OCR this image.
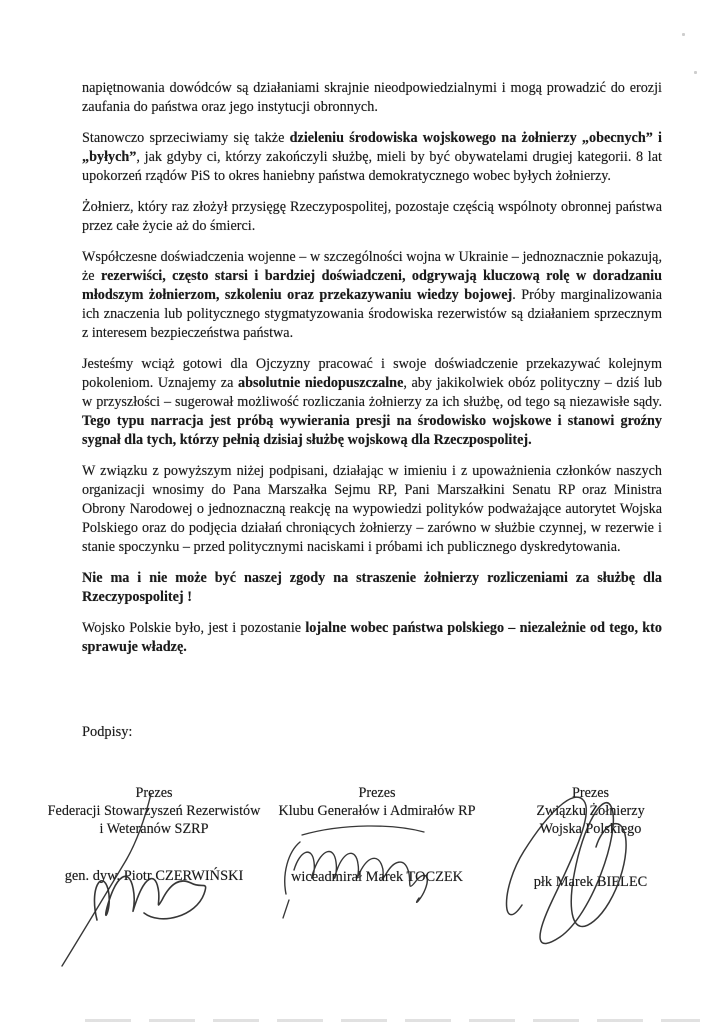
napiętnowania dowódców są działaniami skrajnie nieodpowiedzialnymi i mogą prowadzić do erozji zaufania do państwa oraz jego instytucji obronnych.

Stanowczo sprzeciwiamy się także dzieleniu środowiska wojskowego na żołnierzy „obecnych” i „byłych”, jak gdyby ci, którzy zakończyli służbę, mieli by być obywatelami drugiej kategorii. 8 lat upokorzeń rządów PiS to okres haniebny państwa demokratycznego wobec byłych żołnierzy.

Żołnierz, który raz złożył przysięgę Rzeczypospolitej, pozostaje częścią wspólnoty obronnej państwa przez całe życie aż do śmierci.

Współczesne doświadczenia wojenne – w szczególności wojna w Ukrainie – jednoznacznie pokazują, że rezerwiści, często starsi i bardziej doświadczeni, odgrywają kluczową rolę w doradzaniu młodszym żołnierzom, szkoleniu oraz przekazywaniu wiedzy bojowej. Próby marginalizowania ich znaczenia lub politycznego stygmatyzowania środowiska rezerwistów są działaniem sprzecznym z interesem bezpieczeństwa państwa.

Jesteśmy wciąż gotowi dla Ojczyzny pracować i swoje doświadczenie przekazywać kolejnym pokoleniom. Uznajemy za absolutnie niedopuszczalne, aby jakikolwiek obóz polityczny – dziś lub w przyszłości – sugerował możliwość rozliczania żołnierzy za ich służbę, od tego są niezawisłe sądy. Tego typu narracja jest próbą wywierania presji na środowisko wojskowe i stanowi groźny sygnał dla tych, którzy pełnią dzisiaj służbę wojskową dla Rzeczpospolitej.

W związku z powyższym niżej podpisani, działając w imieniu i z upoważnienia członków naszych organizacji wnosimy do Pana Marszałka Sejmu RP, Pani Marszałkini Senatu RP oraz Ministra Obrony Narodowej o jednoznaczną reakcję na wypowiedzi polityków podważające autorytet Wojska Polskiego oraz do podjęcia działań chroniących żołnierzy – zarówno w służbie czynnej, w rezerwie i stanie spoczynku – przed politycznymi naciskami i próbami ich publicznego dyskredytowania.

Nie ma i nie może być naszej zgody na straszenie żołnierzy rozliczeniami za służbę dla Rzeczypospolitej !

Wojsko Polskie było, jest i pozostanie lojalne wobec państwa polskiego – niezależnie od tego, kto sprawuje władzę.

Podpisy:
Prezes
Federacji Stowarzyszeń Rezerwistów
i Weteranów SZRP
gen. dyw. Piotr CZERWIŃSKI
Prezes
Klubu Generałów i Admirałów RP
wiceadmirał Marek TOCZEK
Prezes
Związku Żołnierzy
Wojska Polskiego
płk Marek BIELEC
